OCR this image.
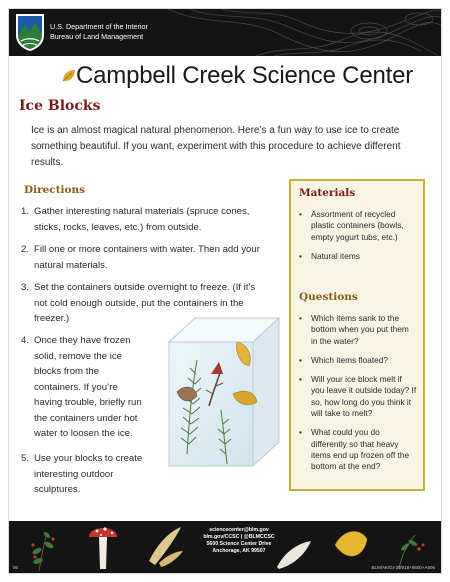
U.S. Department of the Interior
Bureau of Land Management
Campbell Creek Science Center
Ice Blocks
Ice is an almost magical natural phenomenon. Here’s a fun way to use ice to create something beautiful. If you want, experiment with this procedure to achieve different results.
Directions
1. Gather interesting natural materials (spruce cones,
sticks, rocks, leaves, etc.) from outside.
2. Fill one or more containers with water. Then add your
natural materials.
3. Set the containers outside overnight to freeze. (If it’s
not cold enough outside, put the containers in the
freezer.)
4. Once they have frozen
solid, remove the ice
blocks from the
containers. If you’re
having trouble, briefly run
the containers under hot
water to loosen the ice.
5. Use your blocks to create
interesting outdoor
sculptures.
Materials
• Assortment of recycled plastic containers (bowls, empty yogurt tubs, etc.)
• Natural items
Questions
• Which items sank to the bottom when you put them in the water?
• Which items floated?
• Will your ice block melt if you leave it outside today? If so, how long do you think it will take to melt?
• What could you do differently so that heavy items end up frozen off the bottom at the end?
sciencecenter@blm.gov
blm.gov/CCSC | @BLMCCSC
5600 Science Center Drive
Anchorage, AK 99507
06	BLM/AK/GI-20/018+8600+A506
